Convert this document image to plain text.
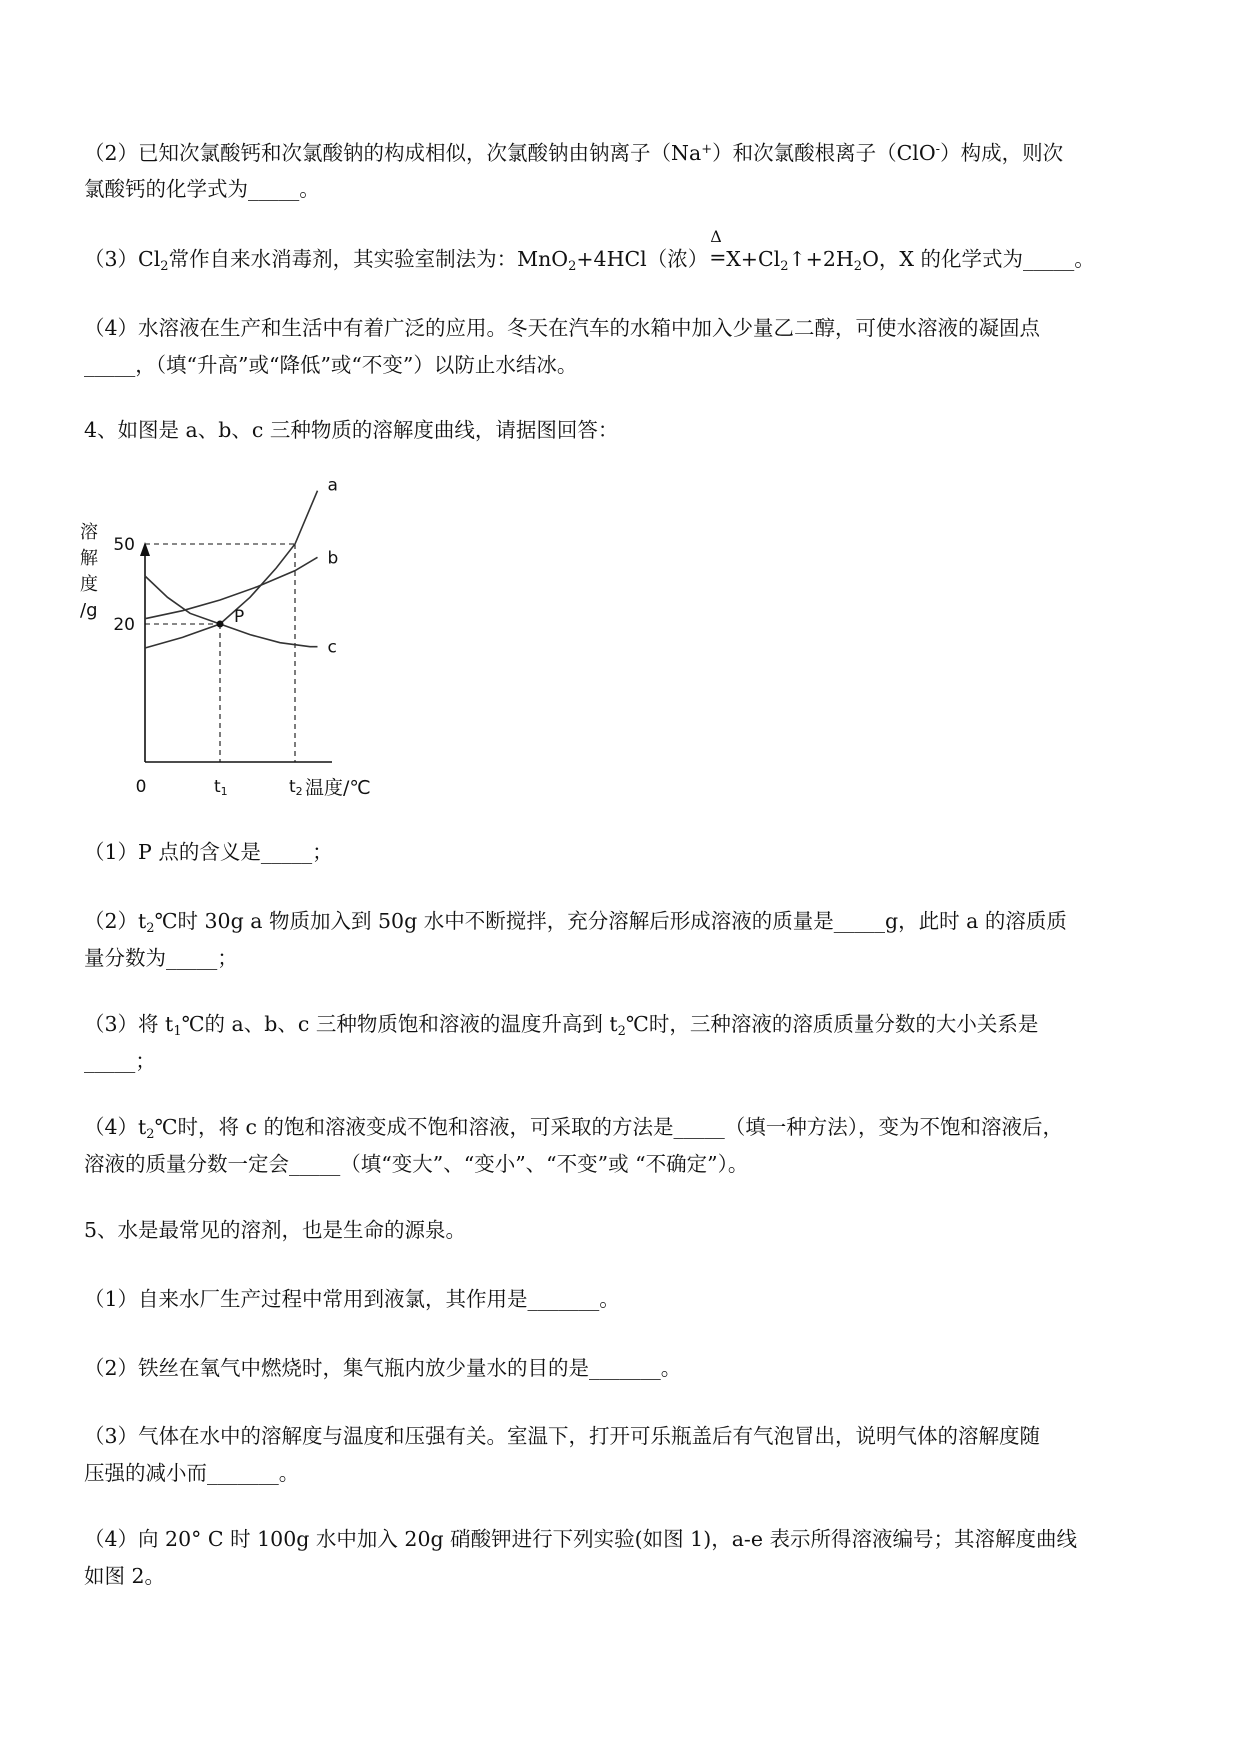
（2）已知次氯酸钙和次氯酸钠的构成相似，次氯酸钠由钠离子（Na+）和次氯酸根离子（ClO-）构成，则次
氯酸钙的化学式为_____。
$(3)Cl_2$常作自来水消毒剂，其实验室制法为：MnO$_2$+4HCl（浓）
Δ
= $X+Cl_2↑+2H_2O$，X 的化学式为_____。
（4）水溶液在生产和生活中有着广泛的应用。冬天在汽车的水箱中加入少量乙二醇，可使水溶液的凝固点
_____，（填“升高”或“降低”或“不变”）以防止水结冰。
4、如图是 a、b、c 三种物质的溶解度曲线，请据图回答：
a
b
c
P
溶
解
度
/g
20
50
0	t1	t2 温度/℃
（1）P 点的含义是_____；
$(2)t_2℃$时 30g a 物质加入到 50g 水中不断搅拌，充分溶解后形成溶液的质量是_____g，此时 a 的溶质质
量分数为_____；
（3）将 $t_1℃$的 a、b、c 三种物质饱和溶液的温度升高到 $t_2℃$时，三种溶液的溶质质量分数的大小关系是
_____；
$(4)t_2℃$时，将 c 的饱和溶液变成不饱和溶液，可采取的方法是_____（填一种方法），变为不饱和溶液后，
溶液的质量分数一定会_____（填“变大”、“变小”、“不变”或 “不确定”）。
5、水是最常见的溶剂，也是生命的源泉。
（1）自来水厂生产过程中常用到液氯，其作用是_______。
（2）铁丝在氧气中燃烧时，集气瓶内放少量水的目的是_______。
（3）气体在水中的溶解度与温度和压强有关。室温下，打开可乐瓶盖后有气泡冒出，说明气体的溶解度随
压强的减小而_______。
（4）向 20° C 时 100g 水中加入 20g 硝酸钾进行下列实验(如图 1)，a-e 表示所得溶液编号；其溶解度曲线
如图 2。
